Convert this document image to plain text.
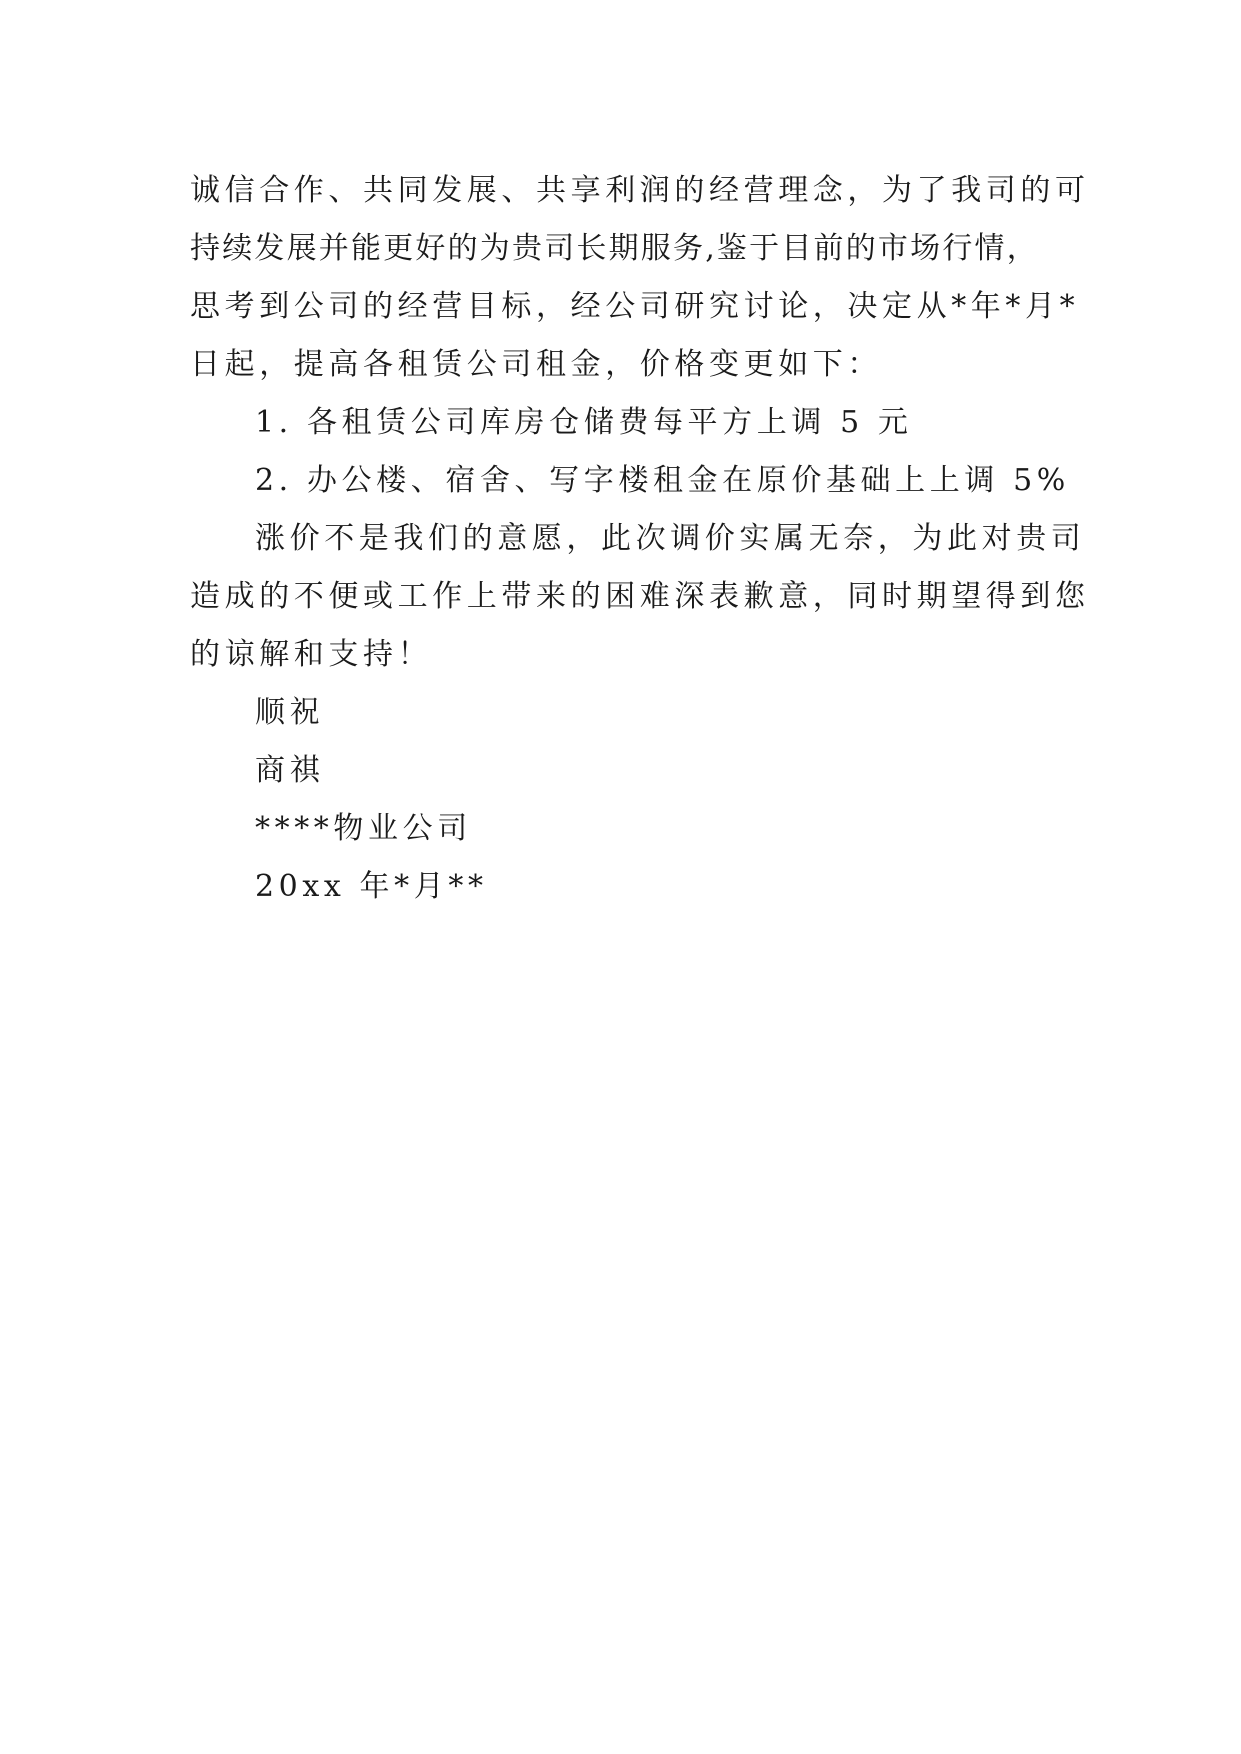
诚信合作、共同发展、共享利润的经营理念，为了我司的可
持续发展并能更好的为贵司长期服务,鉴于目前的市场行情，
思考到公司的经营目标，经公司研究讨论，决定从*年*月*
日起，提高各租赁公司租金，价格变更如下：
1. 各租赁公司库房仓储费每平方上调 5 元
2. 办公楼、宿舍、写字楼租金在原价基础上上调 5%
涨价不是我们的意愿，此次调价实属无奈，为此对贵司
造成的不便或工作上带来的困难深表歉意，同时期望得到您
的谅解和支持！
顺祝
商祺
****物业公司
20xx 年*月**
